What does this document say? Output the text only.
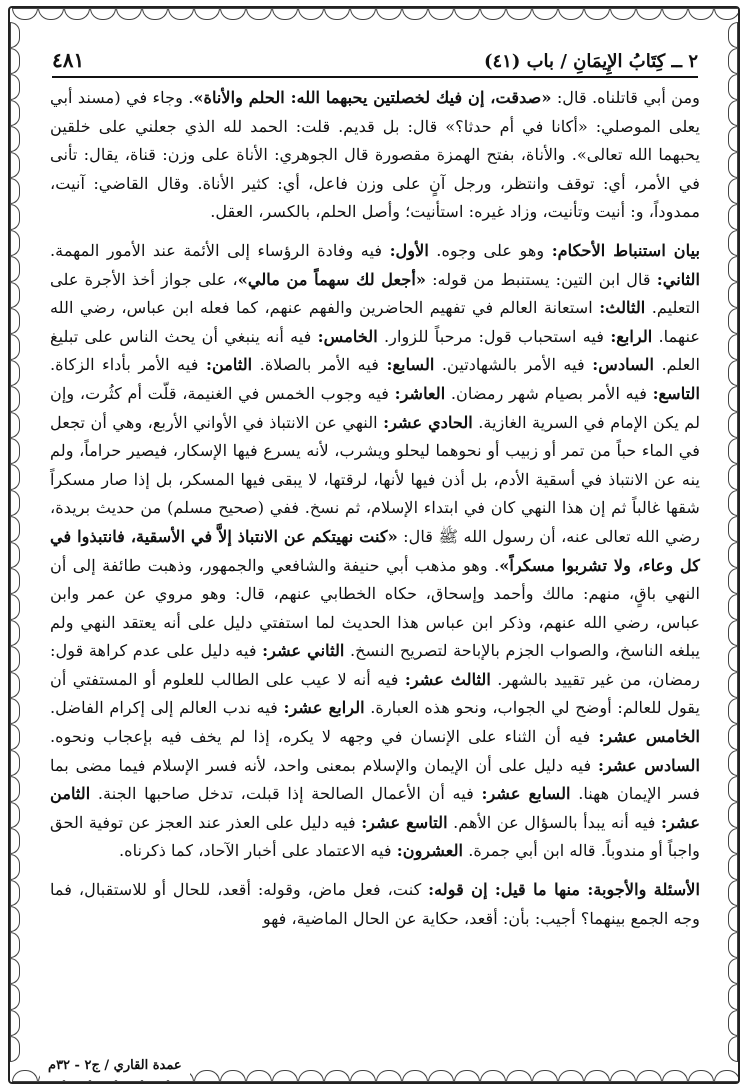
٢ ــ كِتَابُ الإِيمَانِ / باب (٤١)
٤٨١

ومن أبي قاتلناه. قال: «صدقت، إن فيك لخصلتين يحبهما الله: الحلم والأناة». وجاء في (مسند أبي يعلى الموصلي: «أكانا في أم حدثا؟» قال: بل قديم. قلت: الحمد لله الذي جعلني على خلقين يحبهما الله تعالى». والأناة، بفتح الهمزة مقصورة قال الجوهري: الأناة على وزن: قناة، يقال: تأنى في الأمر، أي: توقف وانتظر، ورجل آنٍ على وزن فاعل، أي: كثير الأناة. وقال القاضي: آنيت، ممدوداً، و: أنيت وتأنيت، وزاد غيره: استأنيت؛ وأصل الحلم، بالكسر، العقل.

بيان استنباط الأحكام: وهو على وجوه. الأول: فيه وفادة الرؤساء إلى الأئمة عند الأمور المهمة. الثاني: قال ابن التين: يستنبط من قوله: «أجعل لك سهماً من مالي»، على جواز أخذ الأجرة على التعليم. الثالث: استعانة العالم في تفهيم الحاضرين والفهم عنهم، كما فعله ابن عباس، رضي الله عنهما. الرابع: فيه استحباب قول: مرحباً للزوار. الخامس: فيه أنه ينبغي أن يحث الناس على تبليغ العلم. السادس: فيه الأمر بالشهادتين. السابع: فيه الأمر بالصلاة. الثامن: فيه الأمر بأداء الزكاة. التاسع: فيه الأمر بصيام شهر رمضان. العاشر: فيه وجوب الخمس في الغنيمة، قلّت أم كثُرت، وإن لم يكن الإمام في السرية الغازية. الحادي عشر: النهي عن الانتباذ في الأواني الأربع، وهي أن تجعل في الماء حباً من تمر أو زبيب أو نحوهما ليحلو ويشرب، لأنه يسرع فيها الإسكار، فيصير حراماً، ولم ينه عن الانتباذ في أسقية الأدم، بل أذن فيها لأنها، لرقتها، لا يبقى فيها المسكر، بل إذا صار مسكراً شقها غالباً ثم إن هذا النهي كان في ابتداء الإسلام، ثم نسخ. ففي (صحيح مسلم) من حديث بريدة، رضي الله تعالى عنه، أن رسول الله ﷺ قال: «كنت نهيتكم عن الانتباذ إلاَّ في الأسقية، فانتبذوا في كل وعاء، ولا تشربوا مسكراً». وهو مذهب أبي حنيفة والشافعي والجمهور، وذهبت طائفة إلى أن النهي باقٍ، منهم: مالك وأحمد وإسحاق، حكاه الخطابي عنهم، قال: وهو مروي عن عمر وابن عباس، رضي الله عنهم، وذكر ابن عباس هذا الحديث لما استفتي دليل على أنه يعتقد النهي ولم يبلغه الناسخ، والصواب الجزم بالإباحة لتصريح النسخ. الثاني عشر: فيه دليل على عدم كراهة قول: رمضان، من غير تقييد بالشهر. الثالث عشر: فيه أنه لا عيب على الطالب للعلوم أو المستفتي أن يقول للعالم: أوضح لي الجواب، ونحو هذه العبارة. الرابع عشر: فيه ندب العالم إلى إكرام الفاضل. الخامس عشر: فيه أن الثناء على الإنسان في وجهه لا يكره، إذا لم يخف فيه بإعجاب ونحوه. السادس عشر: فيه دليل على أن الإيمان والإسلام بمعنى واحد، لأنه فسر الإسلام فيما مضى بما فسر الإيمان ههنا. السابع عشر: فيه أن الأعمال الصالحة إذا قبلت، تدخل صاحبها الجنة. الثامن عشر: فيه أنه يبدأ بالسؤال عن الأهم. التاسع عشر: فيه دليل على العذر عند العجز عن توفية الحق واجباً أو مندوباً. قاله ابن أبي جمرة. العشرون: فيه الاعتماد على أخبار الآحاد، كما ذكرناه.

الأسئلة والأجوبة: منها ما قيل: إن قوله: كنت، فعل ماض، وقوله: أقعد، للحال أو للاستقبال، فما وجه الجمع بينهما؟ أجيب: بأن: أقعد، حكاية عن الحال الماضية، فهو

عمدة القاري / ج٢ - ٣٢م
